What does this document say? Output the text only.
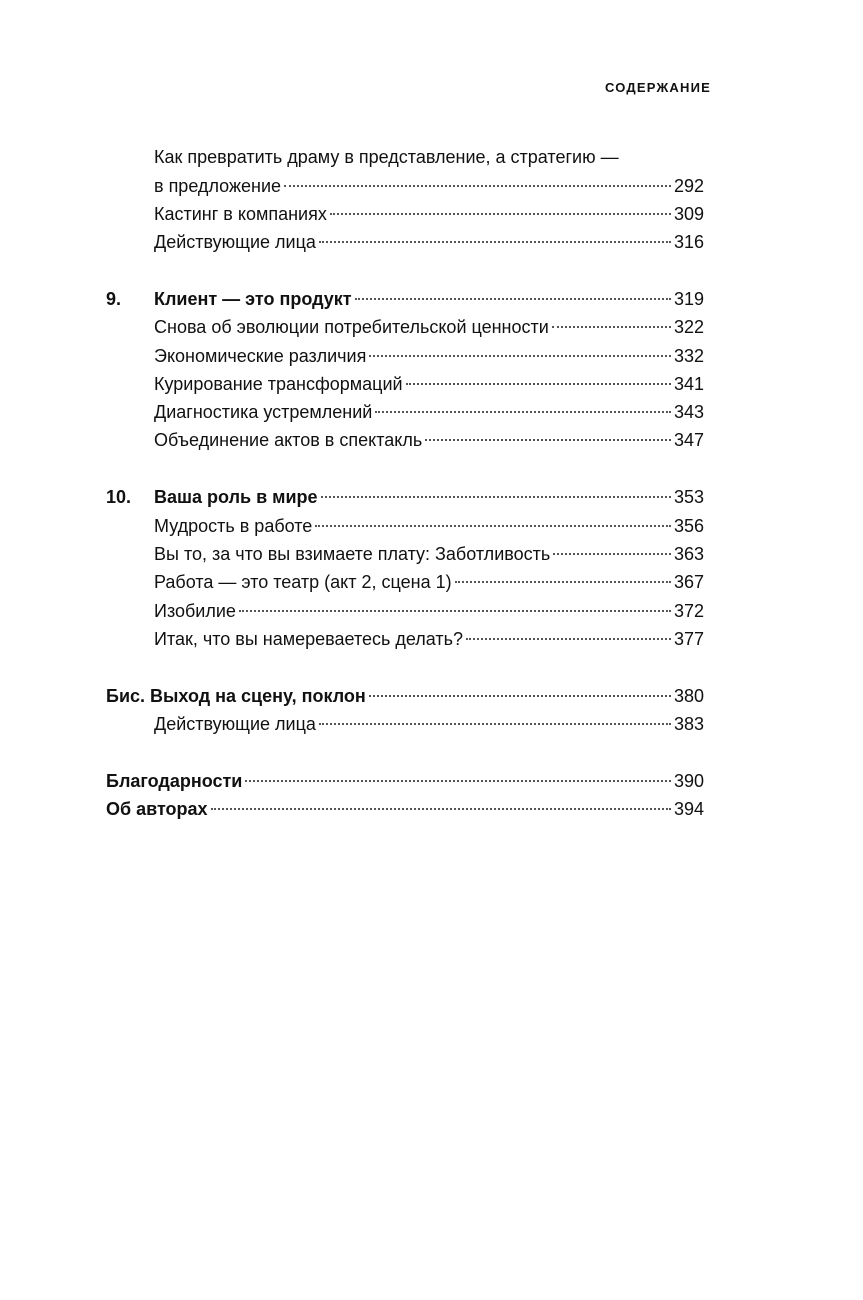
СОДЕРЖАНИЕ
Как превратить драму в представление, а стратегию —
в предложение	292
Кастинг в компаниях	309
Действующие лица	316
9. Клиент — это продукт	319
Снова об эволюции потребительской ценности	322
Экономические различия	332
Курирование трансформаций	341
Диагностика устремлений	343
Объединение актов в спектакль	347
10. Ваша роль в мире	353
Мудрость в работе	356
Вы то, за что вы взимаете плату: Заботливость	363
Работа — это театр (акт 2, сцена 1)	367
Изобилие	372
Итак, что вы намереваетесь делать?	377
Бис . Выход на сцену, поклон	380
Действующие лица	383
Благодарности	390
Об авторах	394
